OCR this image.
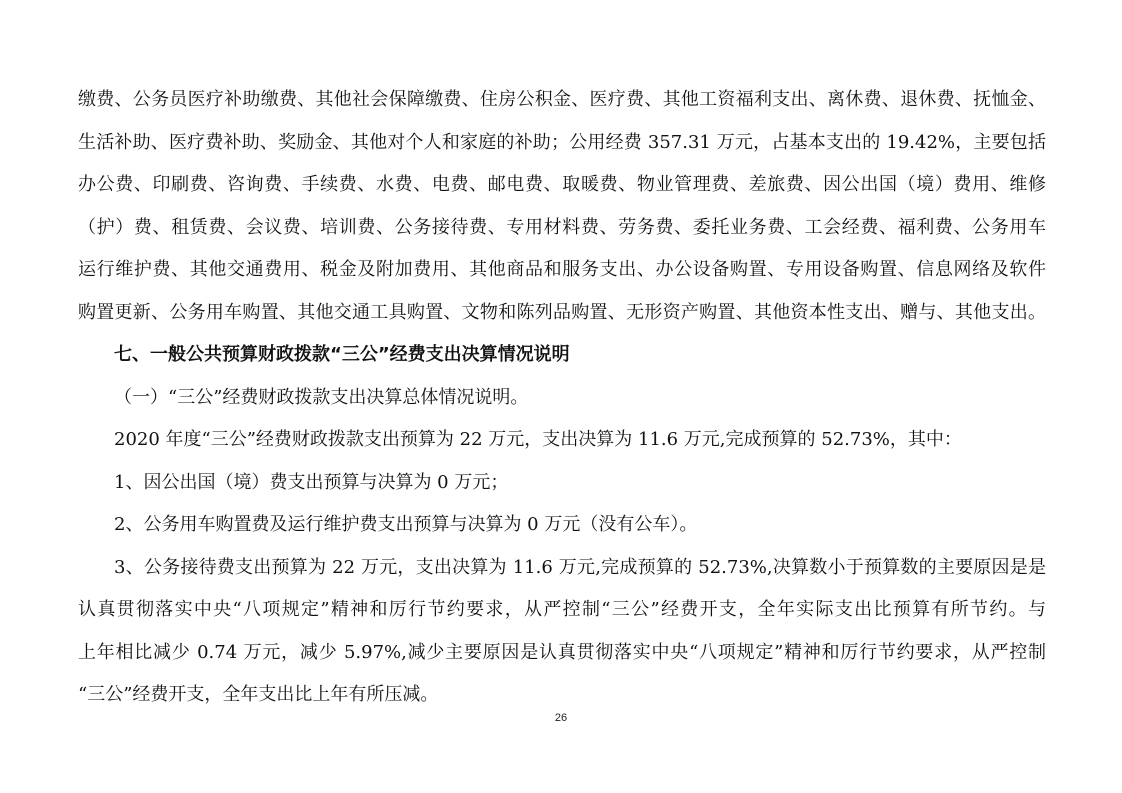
缴费、公务员医疗补助缴费、其他社会保障缴费、住房公积金、医疗费、其他工资福利支出、离休费、退休费、抚恤金、
生活补助、医疗费补助、奖励金、其他对个人和家庭的补助；公用经费 357.31 万元，占基本支出的 19.42%，主要包括
办公费、印刷费、咨询费、手续费、水费、电费、邮电费、取暖费、物业管理费、差旅费、因公出国（境）费用、维修
（护）费、租赁费、会议费、培训费、公务接待费、专用材料费、劳务费、委托业务费、工会经费、福利费、公务用车
运行维护费、其他交通费用、税金及附加费用、其他商品和服务支出、办公设备购置、专用设备购置、信息网络及软件
购置更新、公务用车购置、其他交通工具购置、文物和陈列品购置、无形资产购置、其他资本性支出、赠与、其他支出。
七、一般公共预算财政拨款“三公”经费支出决算情况说明
（一）“三公”经费财政拨款支出决算总体情况说明。
2020 年度“三公”经费财政拨款支出预算为 22 万元，支出决算为 11.6 万元,完成预算的 52.73%，其中：
1、因公出国（境）费支出预算与决算为 0 万元；
2、公务用车购置费及运行维护费支出预算与决算为 0 万元（没有公车）。
3、公务接待费支出预算为 22 万元，支出决算为 11.6 万元,完成预算的 52.73%,决算数小于预算数的主要原因是是
认真贯彻落实中央“八项规定”精神和厉行节约要求，从严控制“三公”经费开支，全年实际支出比预算有所节约。与
上年相比减少 0.74 万元，减少 5.97%,减少主要原因是认真贯彻落实中央“八项规定”精神和厉行节约要求，从严控制
“三公”经费开支，全年支出比上年有所压减。
26
